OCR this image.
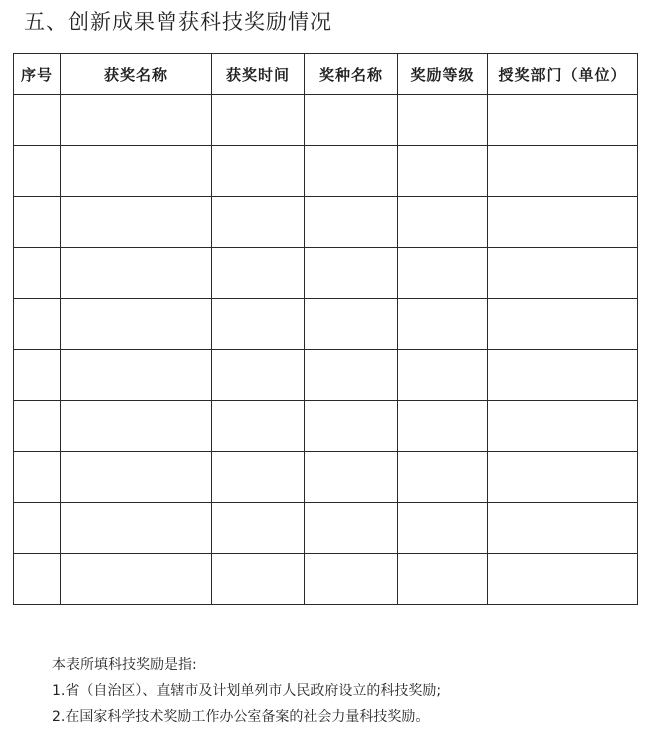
五、创新成果曾获科技奖励情况
序号	获奖名称	获奖时间	奖种名称	奖励等级	授奖部门（单位）

本表所填科技奖励是指:
1.省（自治区）、直辖市及计划单列市人民政府设立的科技奖励;
2.在国家科学技术奖励工作办公室备案的社会力量科技奖励。
